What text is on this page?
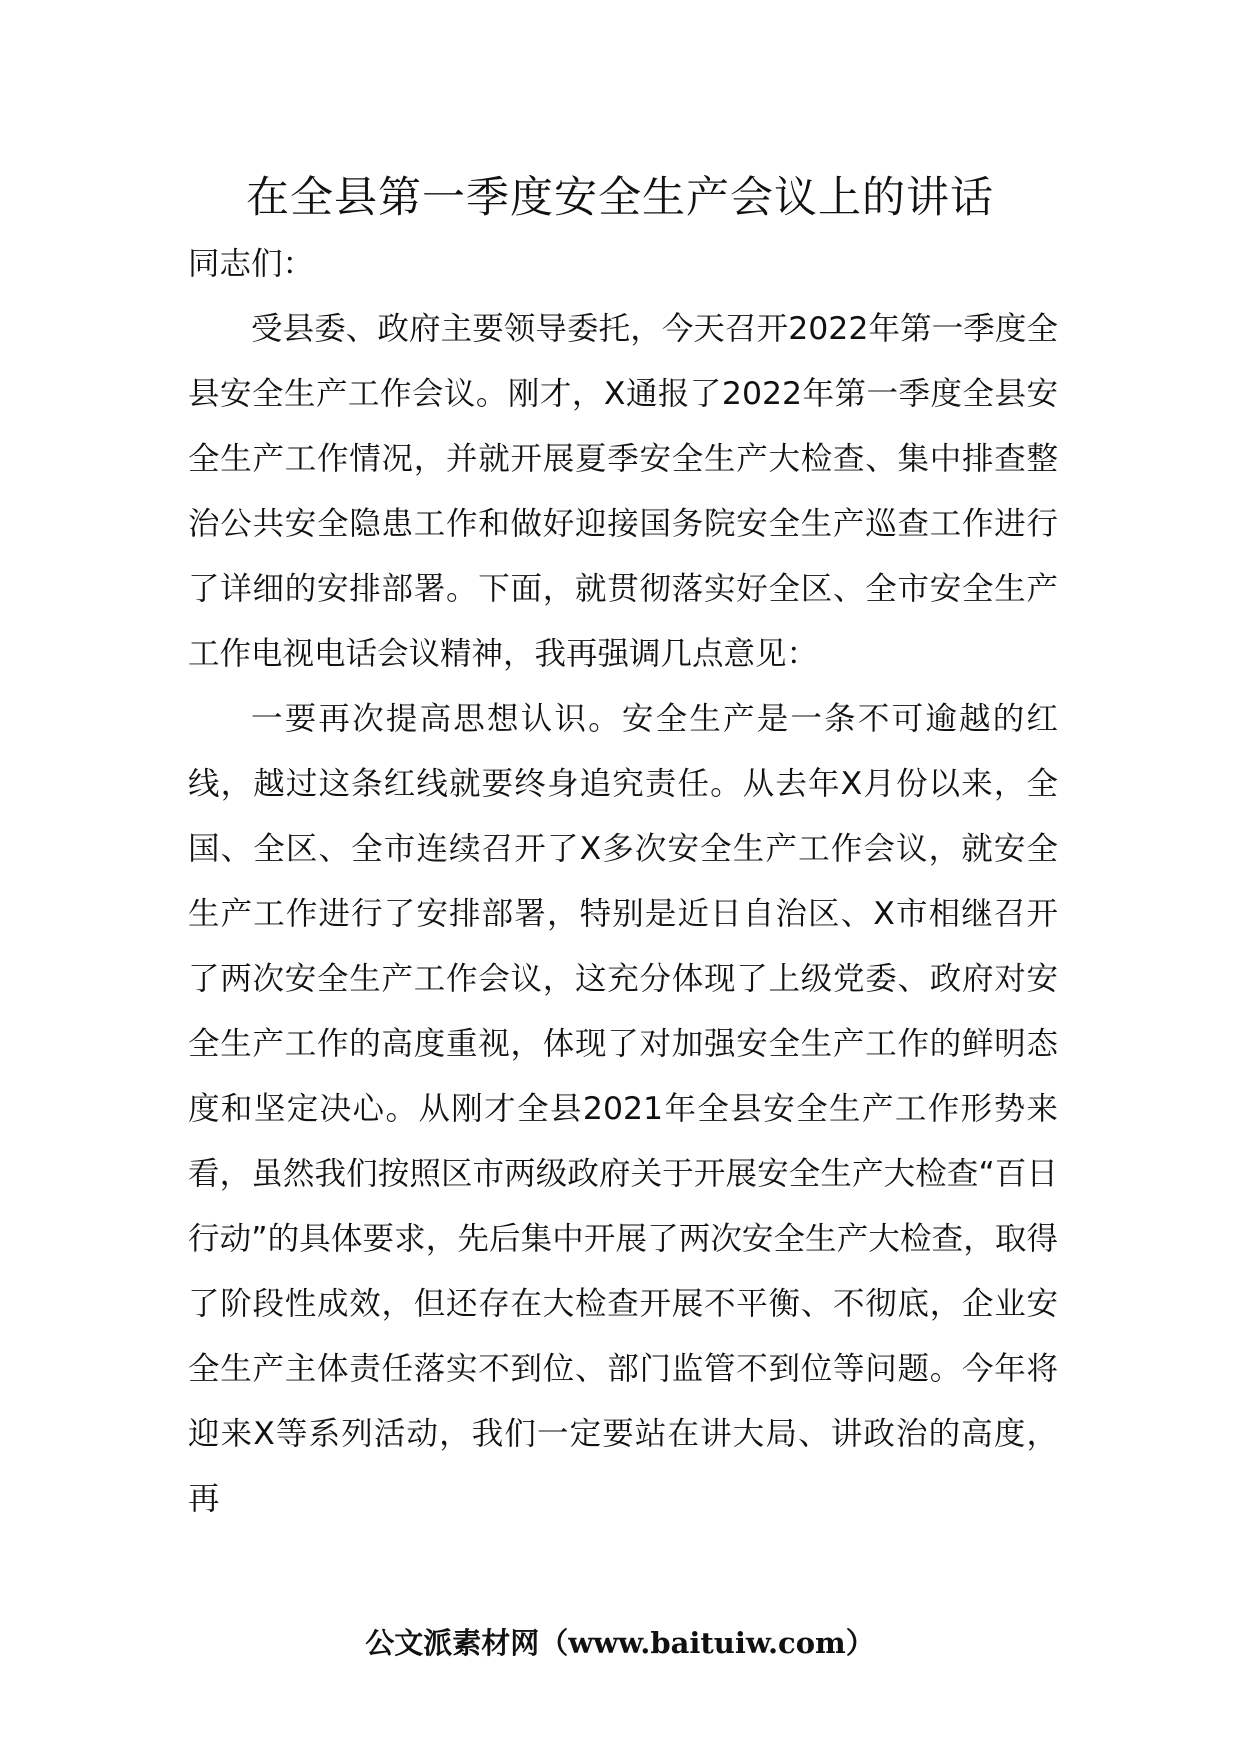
在全县第一季度安全生产会议上的讲话

同志们：

受县委、政府主要领导委托，今天召开2022年第一季度全县安全生产工作会议。刚才，X通报了2022年第一季度全县安全生产工作情况，并就开展夏季安全生产大检查、集中排查整治公共安全隐患工作和做好迎接国务院安全生产巡查工作进行了详细的安排部署。下面，就贯彻落实好全区、全市安全生产工作电视电话会议精神，我再强调几点意见：

一要再次提高思想认识。安全生产是一条不可逾越的红线，越过这条红线就要终身追究责任。从去年X月份以来，全国、全区、全市连续召开了X多次安全生产工作会议，就安全生产工作进行了安排部署，特别是近日自治区、X市相继召开了两次安全生产工作会议，这充分体现了上级党委、政府对安全生产工作的高度重视，体现了对加强安全生产工作的鲜明态度和坚定决心。从刚才全县2021年全县安全生产工作形势来看，虽然我们按照区市两级政府关于开展安全生产大检查“百日行动”的具体要求，先后集中开展了两次安全生产大检查，取得了阶段性成效，但还存在大检查开展不平衡、不彻底，企业安全生产主体责任落实不到位、部门监管不到位等问题。今年将迎来X等系列活动，我们一定要站在讲大局、讲政治的高度，再

公文派素材网（www.baituiw.com）
